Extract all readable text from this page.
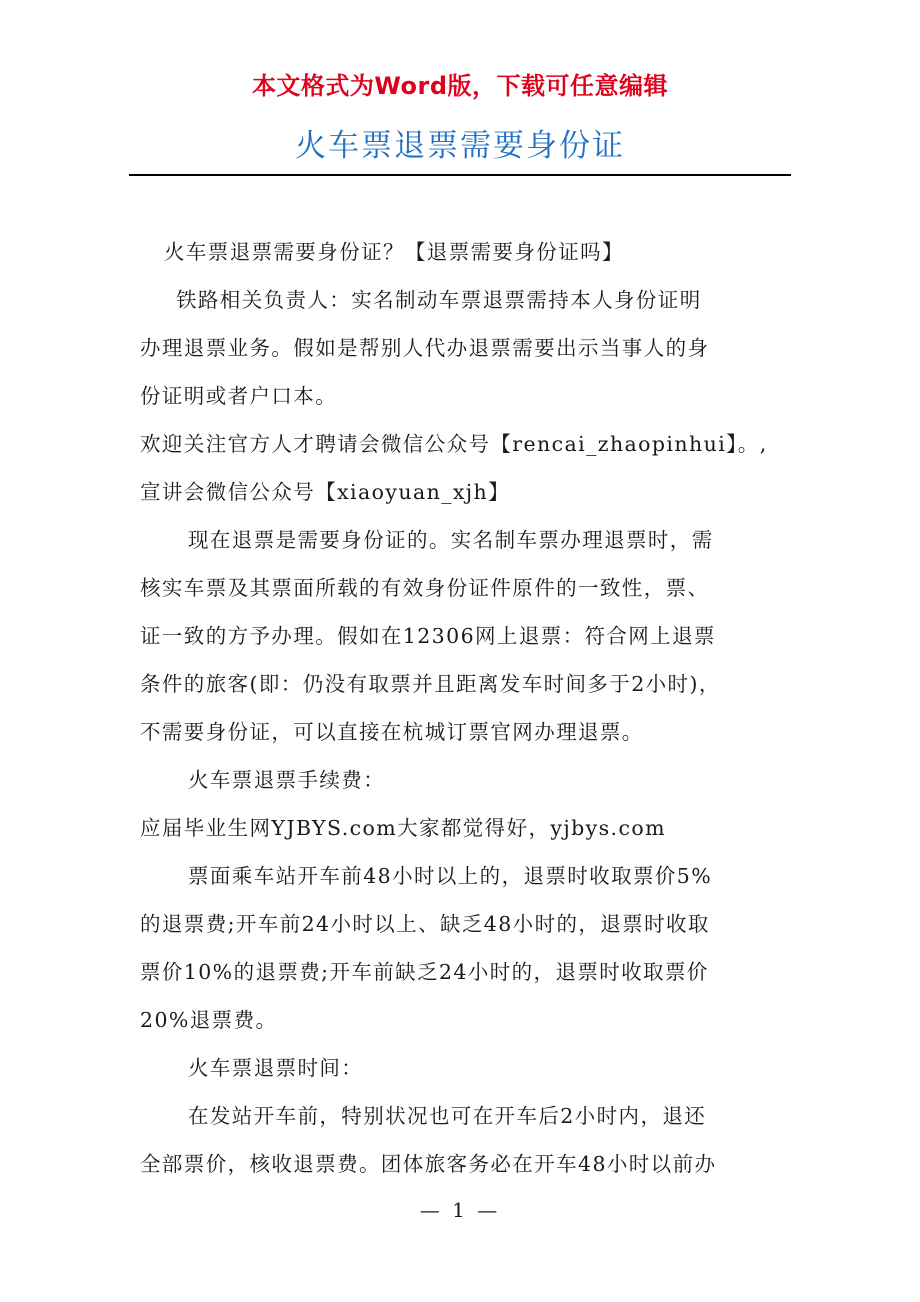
本文格式为Word版，下载可任意编辑
火车票退票需要身份证
火车票退票需要身份证？【退票需要身份证吗】
铁路相关负责人：实名制动车票退票需持本人身份证明
办理退票业务。假如是帮别人代办退票需要出示当事人的身
份证明或者户口本。
欢迎关注官方人才聘请会微信公众号【rencai_zhaopinhui】。,
宣讲会微信公众号【xiaoyuan_xjh】
现在退票是需要身份证的。实名制车票办理退票时，需
核实车票及其票面所载的有效身份证件原件的一致性，票、
证一致的方予办理。假如在12306网上退票：符合网上退票
条件的旅客(即：仍没有取票并且距离发车时间多于2小时)，
不需要身份证，可以直接在杭城订票官网办理退票。
火车票退票手续费：
应届毕业生网YJBYS.com大家都觉得好，yjbys.com
票面乘车站开车前48小时以上的，退票时收取票价5%
的退票费;开车前24小时以上、缺乏48小时的，退票时收取
票价10%的退票费;开车前缺乏24小时的，退票时收取票价
20%退票费。
火车票退票时间：
在发站开车前，特别状况也可在开车后2小时内，退还
全部票价，核收退票费。团体旅客务必在开车48小时以前办
— 1 —
